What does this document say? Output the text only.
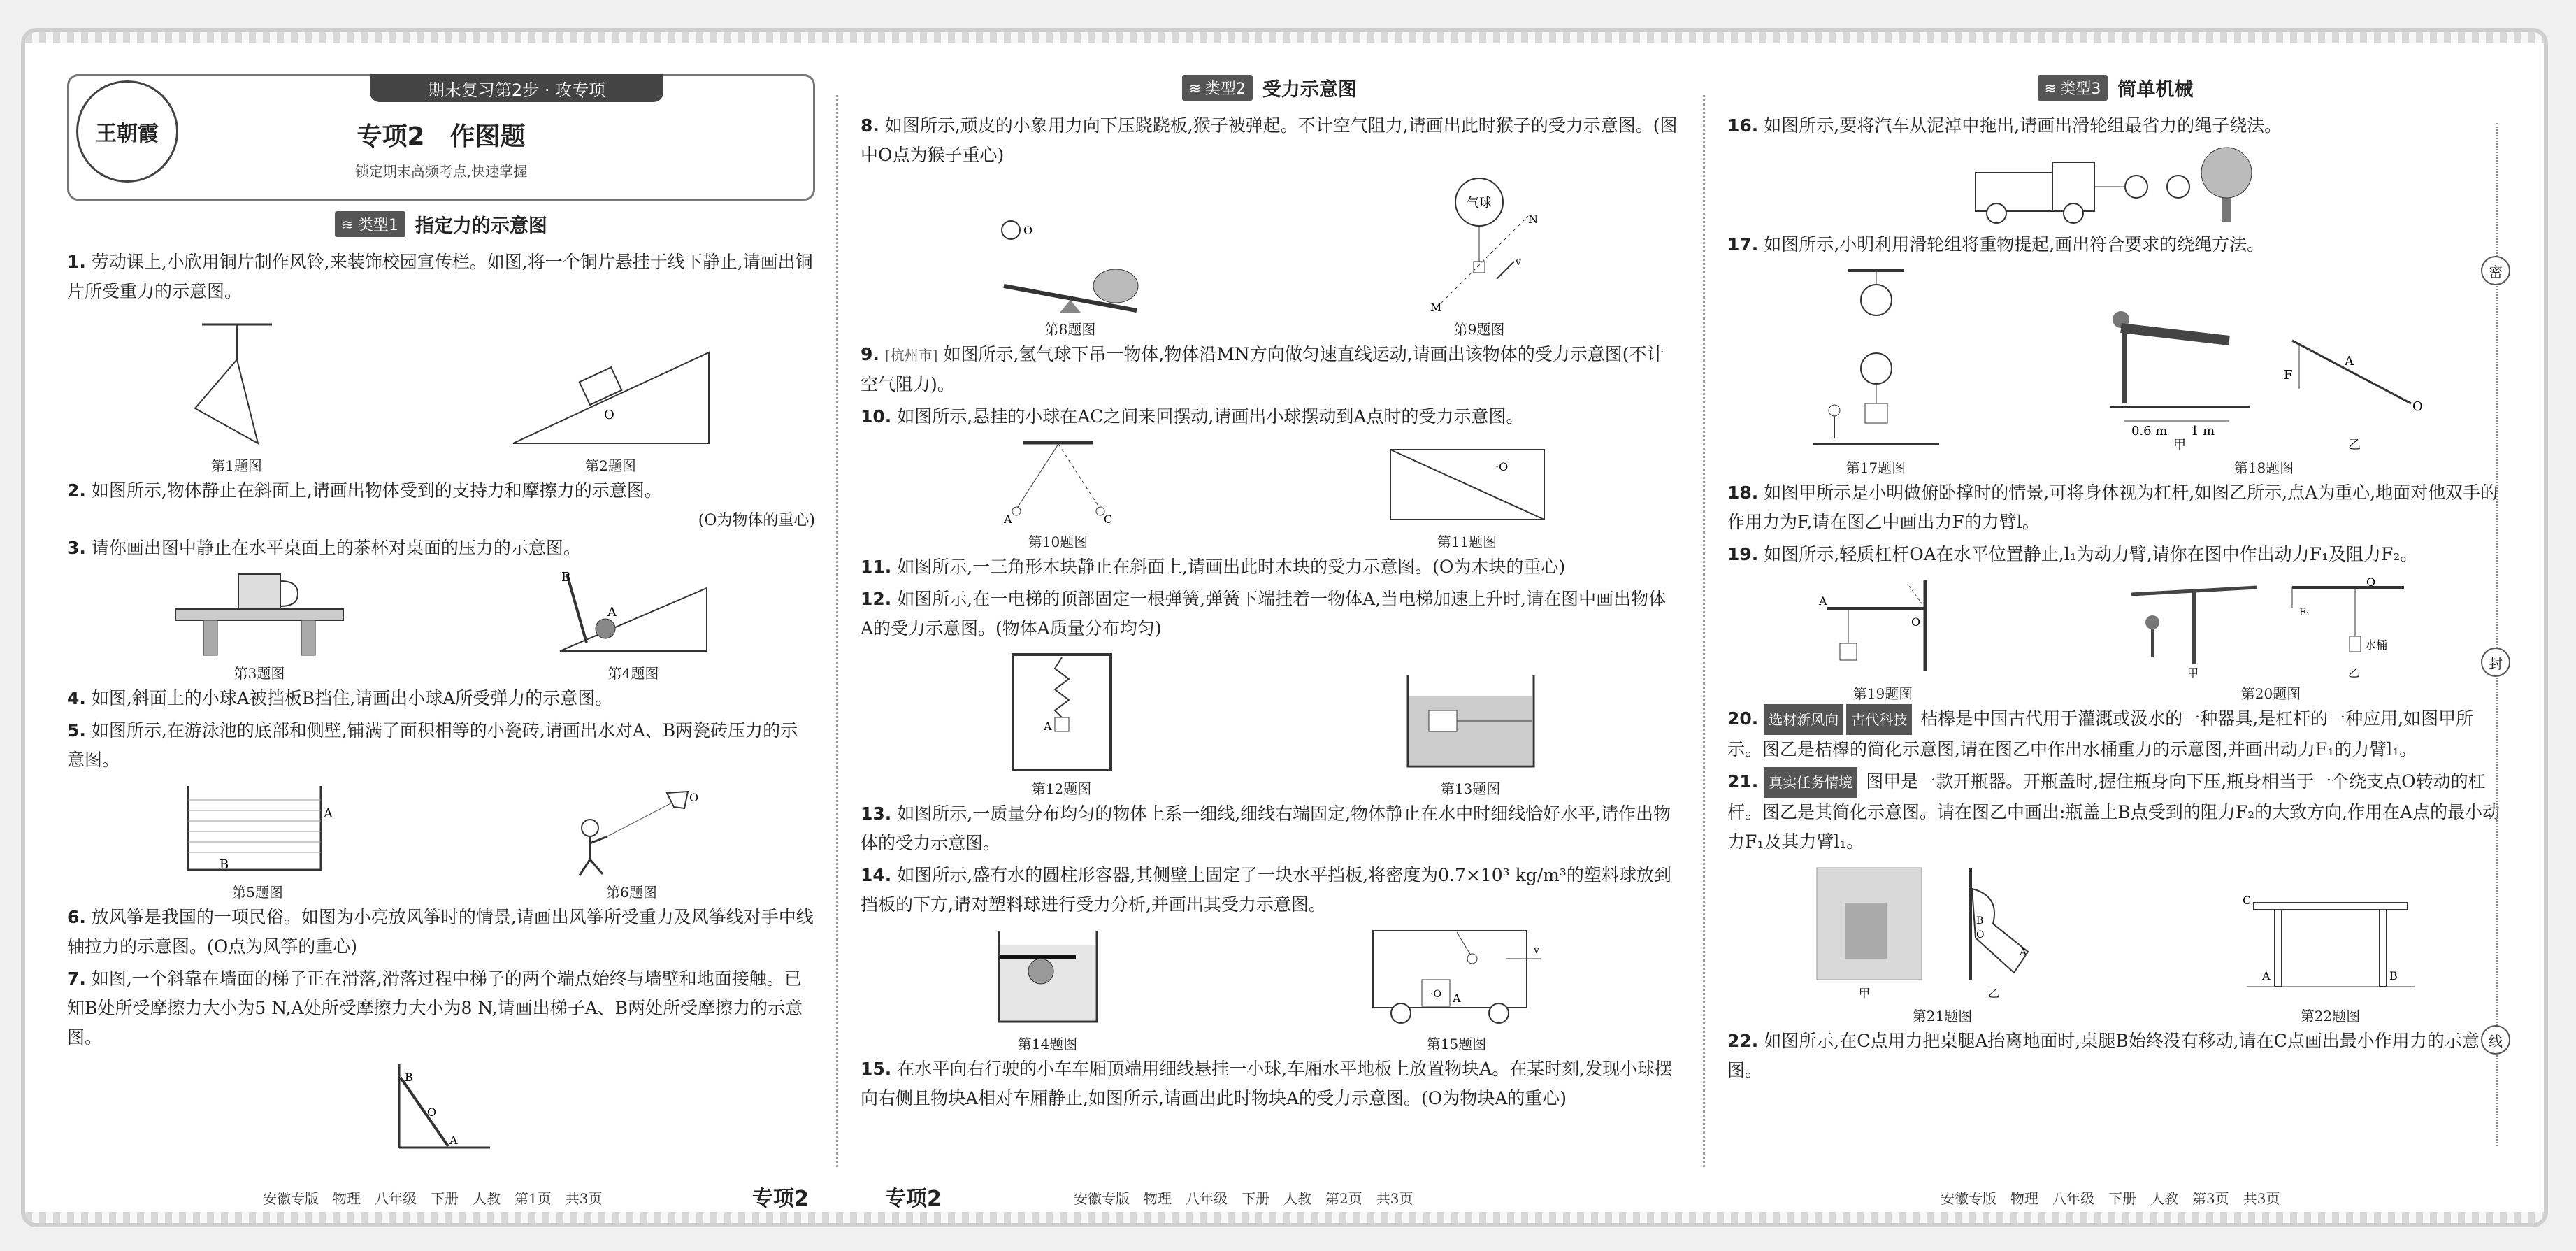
王朝霞
期末复习第2步 · 攻专项
专项2　作图题
锁定期末高频考点,快速掌握
≋ 类型1 指定力的示意图
1. 劳动课上,小欣用铜片制作风铃,来装饰校园宣传栏。如图,将一个铜片悬挂于线下静止,请画出铜片所受重力的示意图。
第1题图
O
第2题图
2. 如图所示,物体静止在斜面上,请画出物体受到的支持力和摩擦力的示意图。
(O为物体的重心)
3. 请你画出图中静止在水平桌面上的茶杯对桌面的压力的示意图。
第3题图
B
A
第4题图
4. 如图,斜面上的小球A被挡板B挡住,请画出小球A所受弹力的示意图。
5. 如图所示,在游泳池的底部和侧壁,铺满了面积相等的小瓷砖,请画出水对A、B两瓷砖压力的示意图。
A
B
第5题图
O
第6题图
6. 放风筝是我国的一项民俗。如图为小亮放风筝时的情景,请画出风筝所受重力及风筝线对手中线轴拉力的示意图。(O点为风筝的重心)
7. 如图,一个斜靠在墙面的梯子正在滑落,滑落过程中梯子的两个端点始终与墙壁和地面接触。已知B处所受摩擦力大小为5 N,A处所受摩擦力大小为8 N,请画出梯子A、B两处所受摩擦力的示意图。
B
O
A
安徽专版　物理　八年级　下册　人教　第1页　共3页	专项2
≋ 类型2 受力示意图
8. 如图所示,顽皮的小象用力向下压跷跷板,猴子被弹起。不计空气阻力,请画出此时猴子的受力示意图。(图中O点为猴子重心)
O
第8题图
气球
N
M
v
第9题图
9. [杭州市] 如图所示,氢气球下吊一物体,物体沿MN方向做匀速直线运动,请画出该物体的受力示意图(不计空气阻力)。
10. 如图所示,悬挂的小球在AC之间来回摆动,请画出小球摆动到A点时的受力示意图。
A	C
第10题图
·O
第11题图
11. 如图所示,一三角形木块静止在斜面上,请画出此时木块的受力示意图。(O为木块的重心)
12. 如图所示,在一电梯的顶部固定一根弹簧,弹簧下端挂着一物体A,当电梯加速上升时,请在图中画出物体A的受力示意图。(物体A质量分布均匀)
A
第12题图	第13题图
13. 如图所示,一质量分布均匀的物体上系一细线,细线右端固定,物体静止在水中时细线恰好水平,请作出物体的受力示意图。
14. 如图所示,盛有水的圆柱形容器,其侧壁上固定了一块水平挡板,将密度为0.7×10³ kg/m³的塑料球放到挡板的下方,请对塑料球进行受力分析,并画出其受力示意图。
第14题图
·O A
v
第15题图
15. 在水平向右行驶的小车车厢顶端用细线悬挂一小球,车厢水平地板上放置物块A。在某时刻,发现小球摆向右侧且物块A相对车厢静止,如图所示,请画出此时物块A的受力示意图。(O为物块A的重心)
专项2	安徽专版　物理　八年级　下册　人教　第2页　共3页
≋ 类型3 简单机械
16. 如图所示,要将汽车从泥淖中拖出,请画出滑轮组最省力的绳子绕法。
17. 如图所示,小明利用滑轮组将重物提起,画出符合要求的绕绳方法。
第17题图
0.6 m 1 m
甲
F
A
O
乙
第18题图
18. 如图甲所示是小明做俯卧撑时的情景,可将身体视为杠杆,如图乙所示,点A为重心,地面对他双手的作用力为F,请在图乙中画出力F的力臂l。
19. 如图所示,轻质杠杆OA在水平位置静止,l₁为动力臂,请你在图中作出动力F₁及阻力F₂。
A
O
第19题图
甲
水桶
F₁
O
乙
第20题图
20. 选材新风向 古代科技 桔槔是中国古代用于灌溉或汲水的一种器具,是杠杆的一种应用,如图甲所示。图乙是桔槔的简化示意图,请在图乙中作出水桶重力的示意图,并画出动力F₁的力臂l₁。
21. 真实任务情境 图甲是一款开瓶器。开瓶盖时,握住瓶身向下压,瓶身相当于一个绕支点O转动的杠杆。图乙是其简化示意图。请在图乙中画出:瓶盖上B点受到的阻力F₂的大致方向,作用在A点的最小动力F₁及其力臂l₁。
甲
B
O
A
乙
第21题图
C
A	B
第22题图
22. 如图所示,在C点用力把桌腿A抬离地面时,桌腿B始终没有移动,请在C点画出最小作用力的示意图。
安徽专版　物理　八年级　下册　人教　第3页　共3页
密
封
线
